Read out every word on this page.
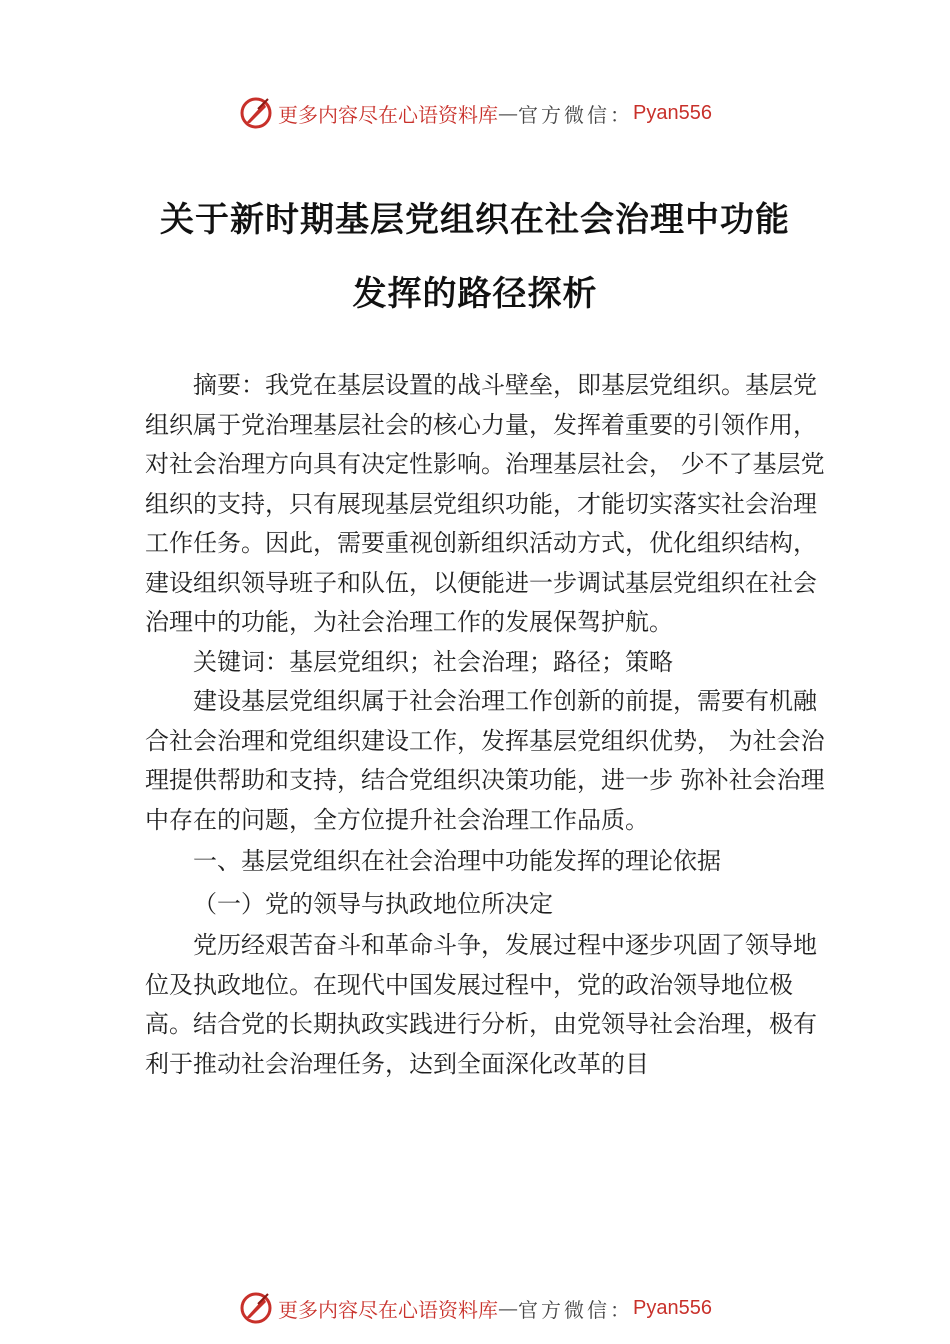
更多内容尽在心语资料库 — 官方微信： Pyan556
关于新时期基层党组织在社会治理中功能
发挥的路径探析

摘要：我党在基层设置的战斗壁垒，即基层党组织。基层党组织属于党治理基层社会的核心力量，发挥着重要的引领作用，对社会治理方向具有决定性影响。治理基层社会， 少不了基层党组织的支持，只有展现基层党组织功能，才能切实落实社会治理工作任务。因此，需要重视创新组织活动方式，优化组织结构，建设组织领导班子和队伍，以便能进一步调试基层党组织在社会治理中的功能，为社会治理工作的发展保驾护航。

关键词：基层党组织；社会治理；路径；策略

建设基层党组织属于社会治理工作创新的前提，需要有机融合社会治理和党组织建设工作，发挥基层党组织优势， 为社会治理提供帮助和支持，结合党组织决策功能，进一步 弥补社会治理中存在的问题，全方位提升社会治理工作品质。

一、基层党组织在社会治理中功能发挥的理论依据

（一）党的领导与执政地位所决定

党历经艰苦奋斗和革命斗争，发展过程中逐步巩固了领导地位及执政地位。在现代中国发展过程中，党的政治领导地位极高。结合党的长期执政实践进行分析，由党领导社会治理，极有利于推动社会治理任务，达到全面深化改革的目

更多内容尽在心语资料库 — 官方微信： Pyan556
